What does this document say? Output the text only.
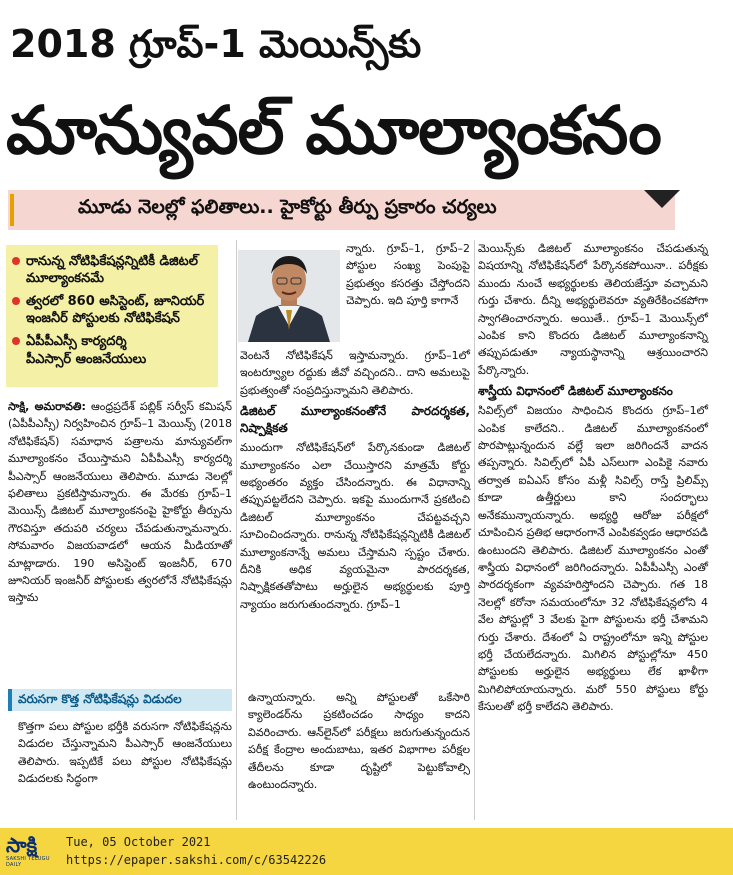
2018 గ్రూప్-1 మెయిన్స్‌కు
మాన్యువల్ మూల్యాంకనం
మూడు నెలల్లో ఫలితాలు.. హైకోర్టు తీర్పు ప్రకారం చర్యలు
రానున్న నోటిఫికేషన్లన్నిటికీ డిజిటల్ మూల్యాంకనమే
త్వరలో 860 అసిస్టెంట్, జూనియర్ ఇంజనీర్ పోస్టులకు నోటిఫికేషన్
ఏపీపీఎస్సీ కార్యదర్శి
పీఎస్సార్ ఆంజనేయులు

సాక్షి, అమరావతి: ఆంధ్రప్రదేశ్ పబ్లిక్ సర్వీస్ కమిషన్ (ఏపీపీఎస్సీ) నిర్వహించిన గ్రూప్–1 మెయిన్స్ (2018 నోటిఫికేషన్) సమాధాన పత్రాలను మాన్యువల్‌గా మూల్యాంకనం చేయిస్తామని ఏపీపీఎస్సీ కార్యదర్శి పీఎస్సార్ ఆంజనేయులు తెలిపారు. మూడు నెలల్లో ఫలితాలు ప్రకటిస్తామన్నారు. ఈ మేరకు గ్రూప్–1 మెయిన్స్ డిజిటల్ మూల్యాంకనంపై హైకోర్టు తీర్పును గౌరవిస్తూ తదుపరి చర్యలు చేపడుతున్నామన్నారు. సోమవారం విజయవాడలో ఆయన మీడియాతో మాట్లాడారు. 190 అసిస్టెంట్ ఇంజనీర్, 670 జూనియర్ ఇంజనీర్ పోస్టులకు త్వరలోనే నోటిఫికేషన్లు ఇస్తామ

వరుసగా కొత్త నోటిఫికేషన్లు విడుదల

కొత్తగా పలు పోస్టుల భర్తీకి వరుసగా నోటిఫికేషన్లను విడుదల చేస్తున్నామని పీఎస్సార్ ఆంజనేయులు తెలిపారు. ఇప్పటికే పలు పోస్టుల నోటిఫికేషన్లు విడుదలకు సిద్ధంగా

న్నారు. గ్రూప్–1, గ్రూప్–2 పోస్టుల సంఖ్య పెంపుపై ప్రభుత్వం కసరత్తు చేస్తోందని చెప్పారు. ఇది పూర్తి కాగానే

వెంటనే నోటిఫికేషన్ ఇస్తామన్నారు. గ్రూప్–1లో ఇంటర్వ్యూల రద్దుకు జీవో వచ్చిందని.. దాని అమలుపై ప్రభుత్వంతో సంప్రదిస్తున్నామని తెలిపారు.

డిజిటల్ మూల్యాంకనంతోనే పారదర్శకత, నిష్పాక్షికత

ముందుగా నోటిఫికేషన్‌లో పేర్కొనకుండా డిజిటల్ మూల్యాంకనం ఎలా చేయిస్తారని మాత్రమే కోర్టు అభ్యంతరం వ్యక్తం చేసిందన్నారు. ఈ విధానాన్ని తప్పుపట్టలేదని చెప్పారు. ఇకపై ముందుగానే ప్రకటించి డిజిటల్ మూల్యాంకనం చేపట్టవచ్చని సూచించిందన్నారు. రానున్న నోటిఫికేషన్లన్నిటికీ డిజిటల్ మూల్యాంకనాన్నే అమలు చేస్తామని స్పష్టం చేశారు. దీనికి అధిక వ్యయమైనా పారదర్శకత, నిష్పాక్షికతతోపాటు అర్హులైన అభ్యర్థులకు పూర్తి న్యాయం జరుగుతుందన్నారు. గ్రూప్–1

ఉన్నాయన్నారు. అన్ని పోస్టులతో ఒకేసారి క్యాలెండర్‌ను ప్రకటించడం సాధ్యం కాదని వివరించారు. ఆన్‌లైన్‌లో పరీక్షలు జరుగుతున్నందున పరీక్ష కేంద్రాల అందుబాటు, ఇతర విభాగాల పరీక్షల తేదీలను కూడా దృష్టిలో పెట్టుకోవాల్సి ఉంటుందన్నారు.

మెయిన్స్‌కు డిజిటల్ మూల్యాంకనం చేపడుతున్న విషయాన్ని నోటిఫికేషన్‌లో పేర్కొనకపోయినా.. పరీక్షకు ముందు నుంచే అభ్యర్థులకు తెలియజేస్తూ వచ్చామని గుర్తు చేశారు. దీన్ని అభ్యర్థులెవరూ వ్యతిరేకించకపోగా స్వాగతించారన్నారు. అయితే.. గ్రూప్–1 మెయిన్స్‌లో ఎంపిక కాని కొందరు డిజిటల్ మూల్యాంకనాన్ని తప్పుపడుతూ న్యాయస్థానాన్ని ఆశ్రయించారని పేర్కొన్నారు.

శాస్త్రీయ విధానంలో డిజిటల్ మూల్యాంకనం

సివిల్స్‌లో విజయం సాధించిన కొందరు గ్రూప్–1లో ఎంపిక కాలేదని.. డిజిటల్ మూల్యాంకనంలో పొరపాట్లున్నందున వల్లే ఇలా జరిగిందనే వాదన తప్పన్నారు. సివిల్స్‌లో ఏపీ ఎస్‌లుగా ఎంపికై నవారు తర్వాత ఐఏఎస్ కోసం మళ్లీ సివిల్స్ రాస్తే ప్రిలిమ్స్ కూడా ఉత్తీర్ణులు కాని సందర్భాలు అనేకమున్నాయన్నారు. అభ్యర్థి ఆరోజు పరీక్షలో చూపించిన ప్రతిభ ఆధారంగానే ఎంపికవ్వడం ఆధారపడి ఉంటుందని తెలిపారు. డిజిటల్ మూల్యాంకనం ఎంతో శాస్త్రీయ విధానంలో జరిగిందన్నారు. ఏపీపీఎస్సీ ఎంతో పారదర్శకంగా వ్యవహరిస్తోందని చెప్పారు. గత 18 నెలల్లో కరోనా సమయంలోనూ 32 నోటిఫికేషన్లలోని 4 వేల పోస్టుల్లో 3 వేలకు పైగా పోస్టులను భర్తీ చేశామని గుర్తు చేశారు. దేశంలో ఏ రాష్ట్రంలోనూ ఇన్ని పోస్టుల భర్తీ చేయలేదన్నారు. మిగిలిన పోస్టుల్లోనూ 450 పోస్టులకు అర్హులైన అభ్యర్థులు లేక ఖాళీగా మిగిలిపోయాయన్నారు. మరో 550 పోస్టులు కోర్టు కేసులతో భర్తీ కాలేదని తెలిపారు.

సాక్షి
SAKSHI TELUGU DAILY
Tue, 05 October 2021
https://epaper.sakshi.com/c/63542226
